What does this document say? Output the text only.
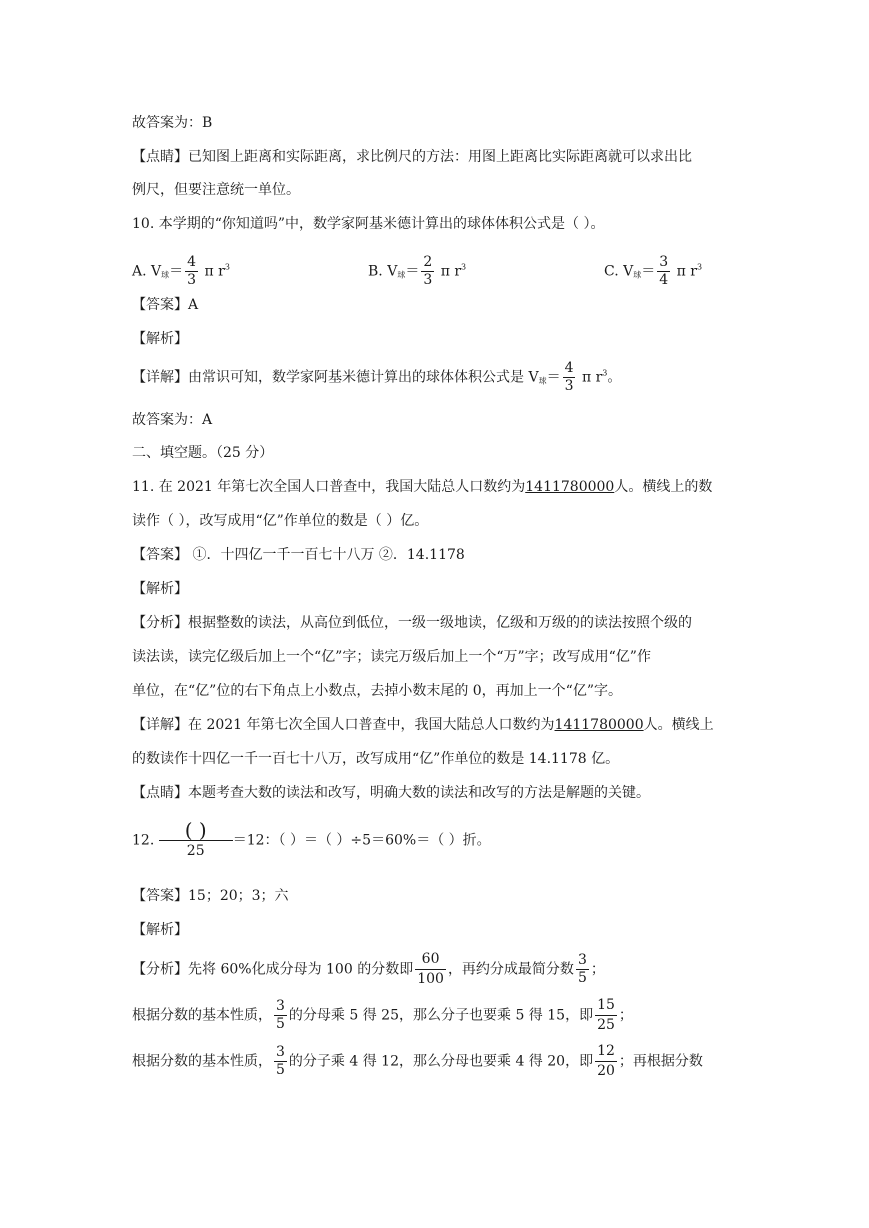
故答案为：B
【点睛】已知图上距离和实际距离，求比例尺的方法：用图上距离比实际距离就可以求出比
例尺，但要注意统一单位。
10. 本学期的“你知道吗”中，数学家阿基米德计算出的球体体积公式是（ ）。
A. $V_球= \frac{4}{3}$ π $r^3$	B. $V_球= \frac{2}{3}$ π $r^3$	C. $V_球= \frac{3}{4}$ π $r^3$
【答案】A
【解析】
【详解】由常识可知，数学家阿基米德计算出的球体体积公式是 $V_球= \frac{4}{3}$ π $r^3$。
故答案为：A
二、填空题。（25 分）
11. 在 2021 年第七次全国人口普查中，我国大陆总人口数约为1411780000人。横线上的数
读作（ ），改写成用“亿”作单位的数是（ ）亿。
【答案】 ①．十四亿一千一百七十八万 ②．14.1178
【解析】
【分析】根据整数的读法，从高位到低位，一级一级地读，亿级和万级的的读法按照个级的
读法读，读完亿级后加上一个“亿”字；读完万级后加上一个“万”字；改写成用“亿”作
单位，在“亿”位的右下角点上小数点，去掉小数末尾的 0，再加上一个“亿”字。
【详解】在 2021 年第七次全国人口普查中，我国大陆总人口数约为1411780000人。横线上
的数读作十四亿一千一百七十八万，改写成用“亿”作单位的数是 14.1178 亿。
【点睛】本题考查大数的读法和改写，明确大数的读法和改写的方法是解题的关键。
12. $\frac{( )}{25} =12$：（ ）＝（ ）÷5＝60%＝（ ）折。
【答案】15；20；3；六
【解析】
【分析】先将 60%化成分母为 100 的分数即 $\frac{60}{100}$ ，再约分成最简分数 $\frac{3}{5}$ ；
根据分数的基本性质， $\frac{3}{5}$ 的分母乘 5 得 25，那么分子也要乘 5 得 15，即 $\frac{15}{25}$ ；
根据分数的基本性质， $\frac{3}{5}$ 的分子乘 4 得 12，那么分母也要乘 4 得 20，即 $\frac{12}{20}$ ；再根据分数
